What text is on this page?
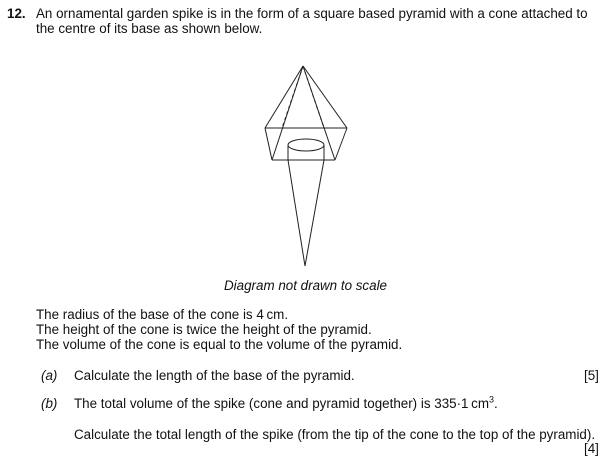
12. An ornamental garden spike is in the form of a square based pyramid with a cone attached to
the centre of its base as shown below.
Diagram not drawn to scale
The radius of the base of the cone is 4 cm.
The height of the cone is twice the height of the pyramid.
The volume of the cone is equal to the volume of the pyramid.
(a) Calculate the length of the base of the pyramid.	[5]
(b) The total volume of the spike (cone and pyramid together) is 335·1 $cm^3$.
Calculate the total length of the spike (from the tip of the cone to the top of the pyramid).
[4]
